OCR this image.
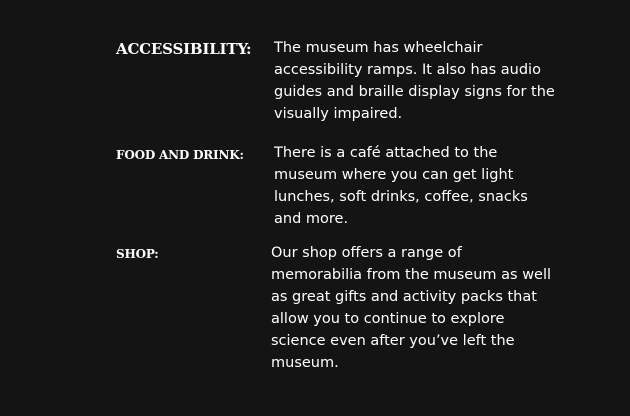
ACCESSIBILITY: The museum has wheelchair accessibility ramps. It also has audio guides and braille display signs for the visually impaired.
FOOD AND DRINK: There is a café attached to the museum where you can get light lunches, soft drinks, coffee, snacks and more.
SHOP:	Our shop offers a range of memorabilia from the museum as well as great gifts and activity packs that allow you to continue to explore science even after you’ve left the museum.
